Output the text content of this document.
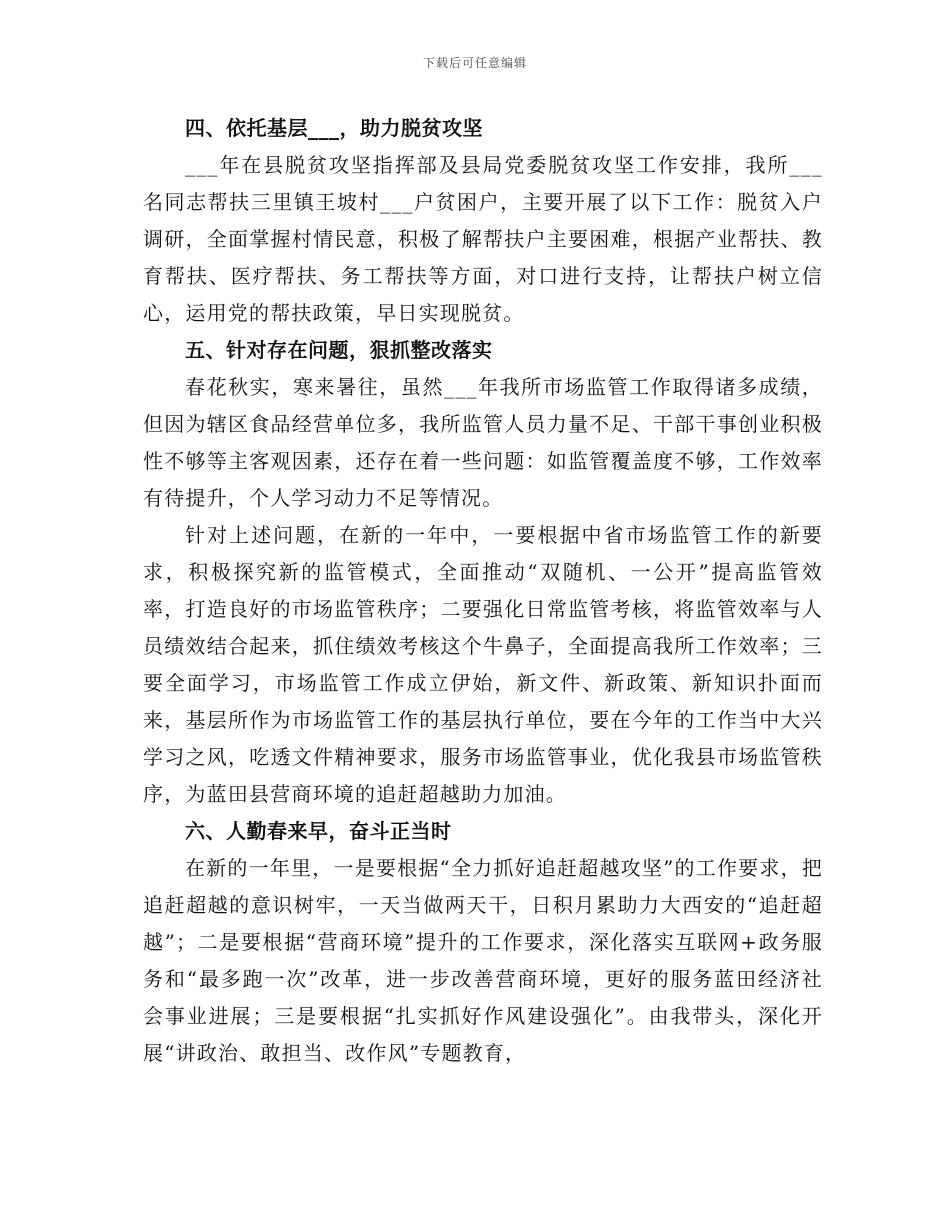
下载后可任意编辑
四、依托基层___，助力脱贫攻坚

___年在县脱贫攻坚指挥部及县局党委脱贫攻坚工作安排，我所___名同志帮扶三里镇王坡村___户贫困户，主要开展了以下工作：脱贫入户调研，全面掌握村情民意，积极了解帮扶户主要困难，根据产业帮扶、教育帮扶、医疗帮扶、务工帮扶等方面，对口进行支持，让帮扶户树立信心，运用党的帮扶政策，早日实现脱贫。

五、针对存在问题，狠抓整改落实

春花秋实，寒来暑往，虽然___年我所市场监管工作取得诸多成绩，但因为辖区食品经营单位多，我所监管人员力量不足、干部干事创业积极性不够等主客观因素，还存在着一些问题：如监管覆盖度不够，工作效率有待提升，个人学习动力不足等情况。

针对上述问题，在新的一年中，一要根据中省市场监管工作的新要求，积极探究新的监管模式，全面推动“双随机、一公开”提高监管效率，打造良好的市场监管秩序；二要强化日常监管考核，将监管效率与人员绩效结合起来，抓住绩效考核这个牛鼻子，全面提高我所工作效率；三要全面学习，市场监管工作成立伊始，新文件、新政策、新知识扑面而来，基层所作为市场监管工作的基层执行单位，要在今年的工作当中大兴学习之风，吃透文件精神要求，服务市场监管事业，优化我县市场监管秩序，为蓝田县营商环境的追赶超越助力加油。

六、人勤春来早，奋斗正当时

在新的一年里，一是要根据“全力抓好追赶超越攻坚”的工作要求，把追赶超越的意识树牢，一天当做两天干，日积月累助力大西安的“追赶超越”；二是要根据“营商环境”提升的工作要求，深化落实互联网+政务服务和“最多跑一次”改革，进一步改善营商环境，更好的服务蓝田经济社会事业进展；三是要根据“扎实抓好作风建设强化”。由我带头，深化开展“讲政治、敢担当、改作风”专题教育，
